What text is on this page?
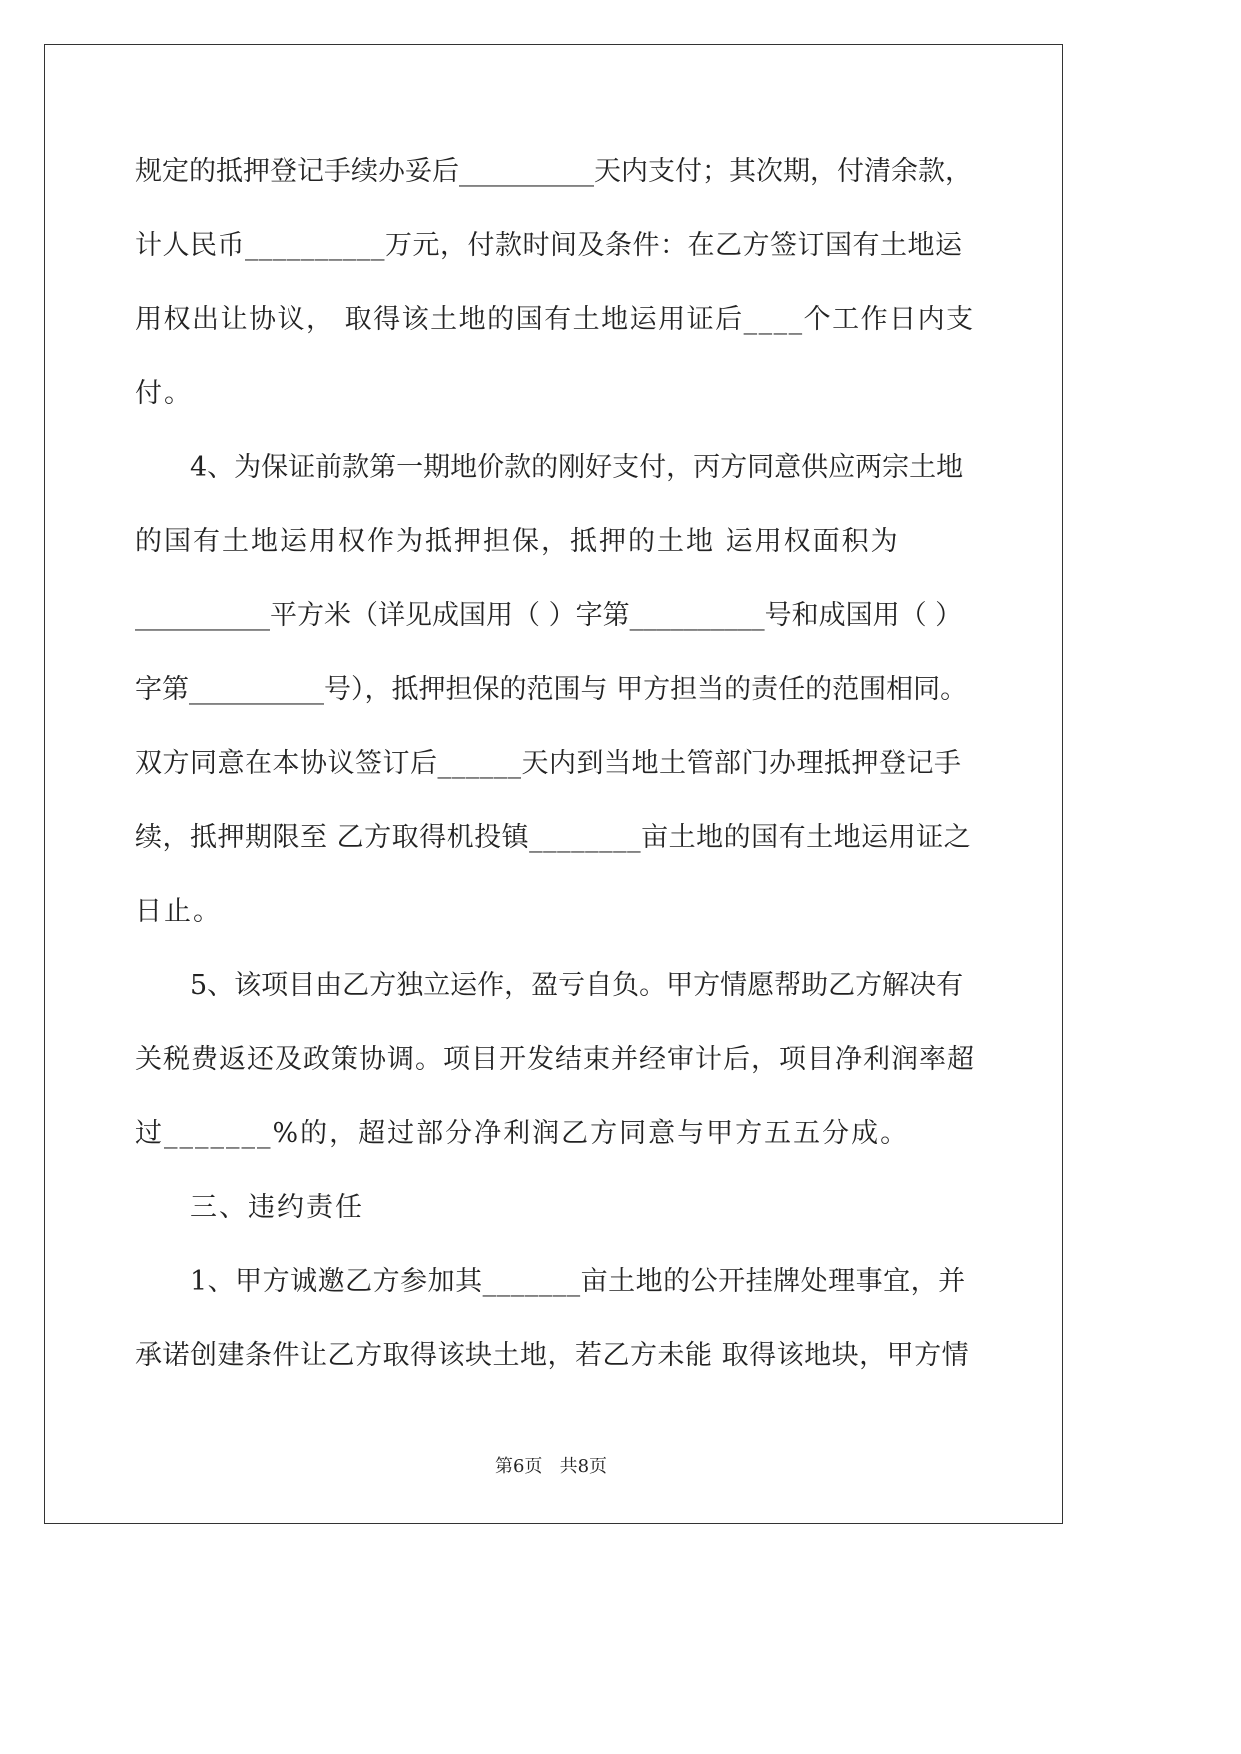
规定的抵押登记手续办妥后__________天内支付；其次期，付清余款，
计人民币__________万元，付款时间及条件：在乙方签订国有土地运
用权出让协议， 取得该土地的国有土地运用证后____个工作日内支
付。
4、为保证前款第一期地价款的刚好支付，丙方同意供应两宗土地
的国有土地运用权作为抵押担保，抵押的土地 运用权面积为
__________平方米（详见成国用（ ）字第__________号和成国用（ ）
字第__________号），抵押担保的范围与 甲方担当的责任的范围相同。
双方同意在本协议签订后______天内到当地土管部门办理抵押登记手
续，抵押期限至 乙方取得机投镇________亩土地的国有土地运用证之
日止。
5、该项目由乙方独立运作，盈亏自负。甲方情愿帮助乙方解决有
关税费返还及政策协调。项目开发结束并经审计后，项目净利润率超
过_______%的，超过部分净利润乙方同意与甲方五五分成。
三、违约责任
1、甲方诚邀乙方参加其_______亩土地的公开挂牌处理事宜，并
承诺创建条件让乙方取得该块土地，若乙方未能 取得该地块，甲方情
第6页   共8页
